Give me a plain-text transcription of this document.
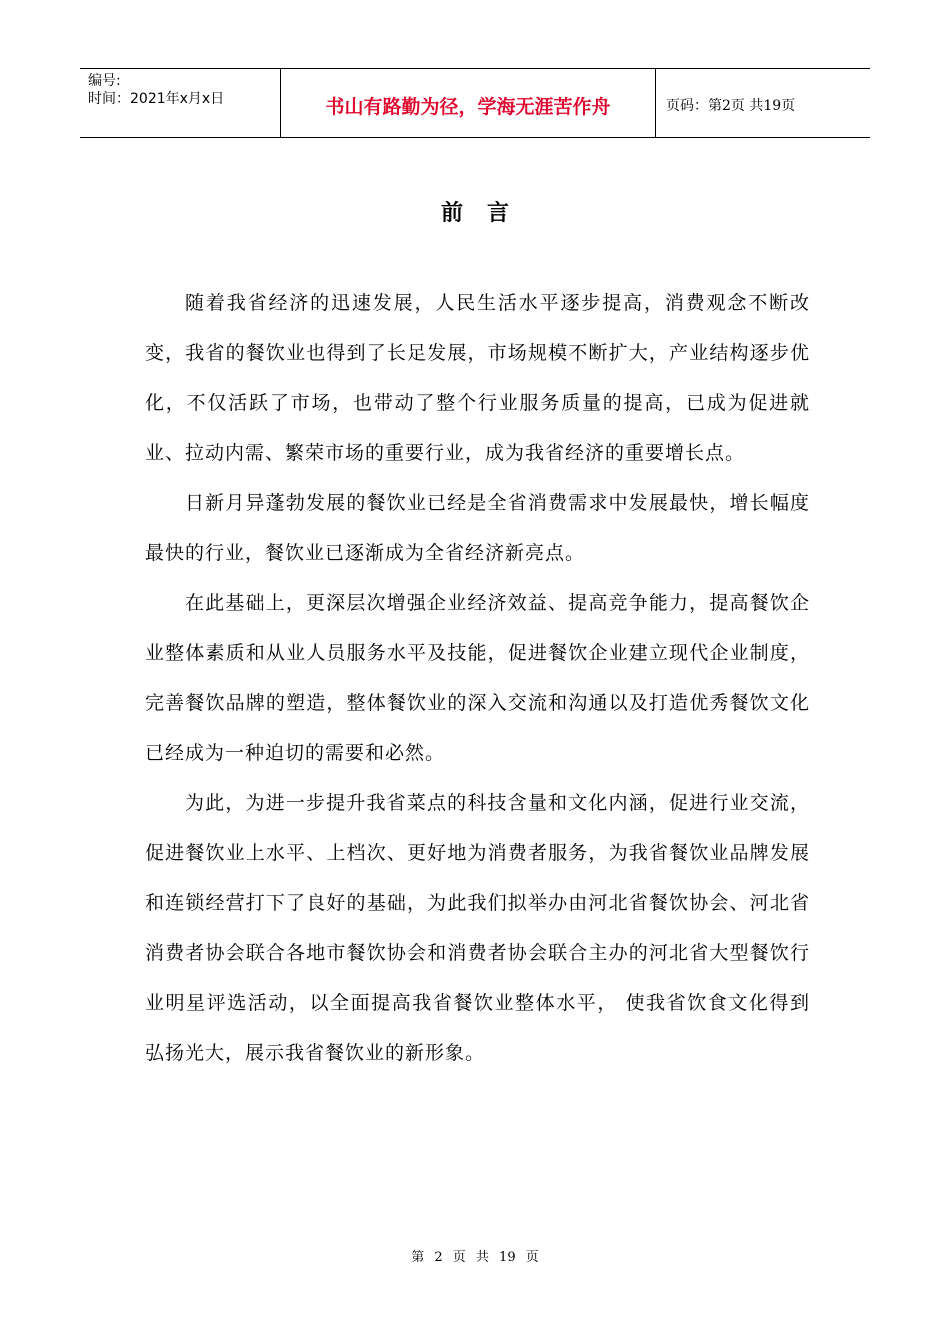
编号:
时间：2021年x月x日	书山有路勤为径，学海无涯苦作舟	页码：第2页 共19页
前言

随着我省经济的迅速发展，人民生活水平逐步提高，消费观念不断改变，我省的餐饮业也得到了长足发展，市场规模不断扩大，产业结构逐步优化，不仅活跃了市场，也带动了整个行业服务质量的提高，已成为促进就业、拉动内需、繁荣市场的重要行业，成为我省经济的重要增长点。

日新月异蓬勃发展的餐饮业已经是全省消费需求中发展最快，增长幅度最快的行业，餐饮业已逐渐成为全省经济新亮点。

在此基础上，更深层次增强企业经济效益、提高竞争能力，提高餐饮企业整体素质和从业人员服务水平及技能，促进餐饮企业建立现代企业制度，完善餐饮品牌的塑造，整体餐饮业的深入交流和沟通以及打造优秀餐饮文化已经成为一种迫切的需要和必然。

为此，为进一步提升我省菜点的科技含量和文化内涵，促进行业交流，促进餐饮业上水平、上档次、更好地为消费者服务，为我省餐饮业品牌发展和连锁经营打下了良好的基础，为此我们拟举办由河北省餐饮协会、河北省消费者协会联合各地市餐饮协会和消费者协会联合主办的河北省大型餐饮行业明星评选活动，以全面提高我省餐饮业整体水平， 使我省饮食文化得到弘扬光大，展示我省餐饮业的新形象。

第 2 页 共 19 页
